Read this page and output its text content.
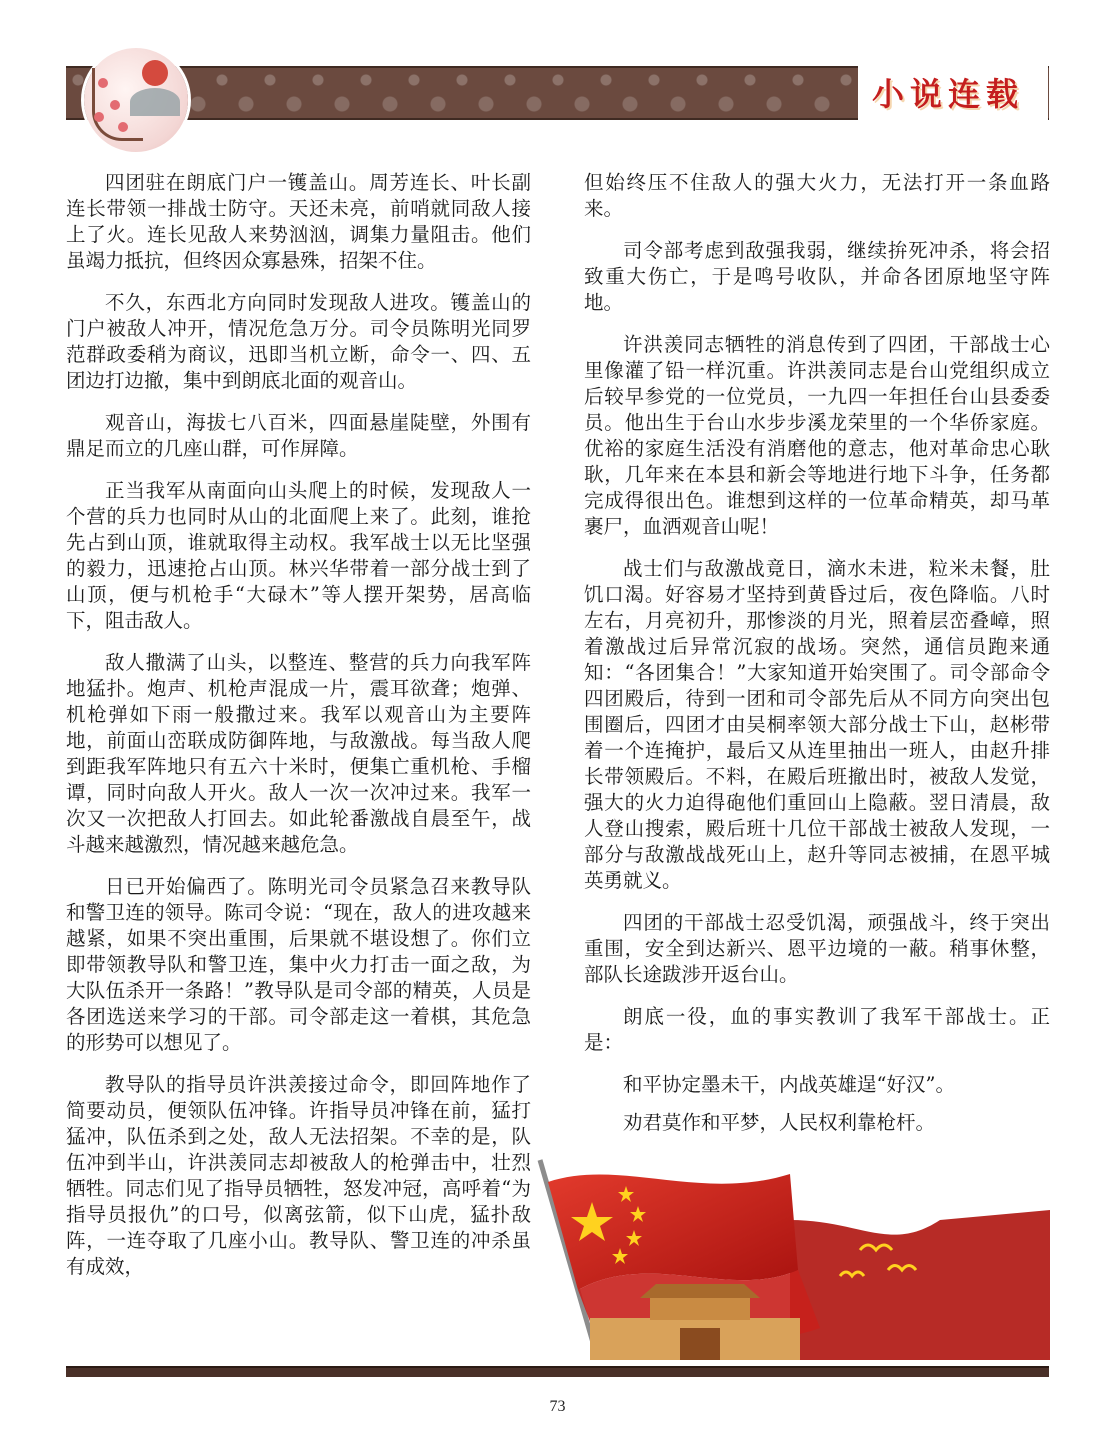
小说连载

四团驻在朗底门户一镬盖山。周芳连长、叶长副连长带领一排战士防守。天还未亮，前哨就同敌人接上了火。连长见敌人来势汹汹，调集力量阻击。他们虽竭力抵抗，但终因众寡悬殊，招架不住。

不久，东西北方向同时发现敌人进攻。镬盖山的门户被敌人冲开，情况危急万分。司令员陈明光同罗范群政委稍为商议，迅即当机立断，命令一、四、五团边打边撤，集中到朗底北面的观音山。

观音山，海拔七八百米，四面悬崖陡壁，外围有鼎足而立的几座山群，可作屏障。

正当我军从南面向山头爬上的时候，发现敌人一个营的兵力也同时从山的北面爬上来了。此刻，谁抢先占到山顶，谁就取得主动权。我军战士以无比坚强的毅力，迅速抢占山顶。林兴华带着一部分战士到了山顶，便与机枪手“大碌木”等人摆开架势，居高临下，阻击敌人。

敌人撒满了山头，以整连、整营的兵力向我军阵地猛扑。炮声、机枪声混成一片，震耳欲聋；炮弹、机枪弹如下雨一般撒过来。我军以观音山为主要阵地，前面山峦联成防御阵地，与敌激战。每当敌人爬到距我军阵地只有五六十米时，便集亡重机枪、手榴谭，同时向敌人开火。敌人一次一次冲过来。我军一次又一次把敌人打回去。如此轮番激战自晨至午，战斗越来越激烈，情况越来越危急。

日已开始偏西了。陈明光司令员紧急召来教导队和警卫连的领导。陈司令说：“现在，敌人的进攻越来越紧，如果不突出重围，后果就不堪设想了。你们立即带领教导队和警卫连，集中火力打击一面之敌，为大队伍杀开一条路！”教导队是司令部的精英，人员是各团选送来学习的干部。司令部走这一着棋，其危急的形势可以想见了。

教导队的指导员许洪羡接过命令，即回阵地作了简要动员，便领队伍冲锋。许指导员冲锋在前，猛打猛冲，队伍杀到之处，敌人无法招架。不幸的是，队伍冲到半山，许洪羡同志却被敌人的枪弹击中，壮烈牺牲。同志们见了指导员牺牲，怒发冲冠，高呼着“为指导员报仇”的口号，似离弦箭，似下山虎，猛扑敌阵，一连夺取了几座小山。教导队、警卫连的冲杀虽有成效，

但始终压不住敌人的强大火力，无法打开一条血路来。

司令部考虑到敌强我弱，继续拚死冲杀，将会招致重大伤亡，于是鸣号收队，并命各团原地坚守阵地。

许洪羡同志牺牲的消息传到了四团，干部战士心里像灌了铅一样沉重。许洪羡同志是台山党组织成立后较早参党的一位党员，一九四一年担任台山县委委员。他出生于台山水步步溪龙荣里的一个华侨家庭。优裕的家庭生活没有消磨他的意志，他对革命忠心耿耿，几年来在本县和新会等地进行地下斗争，任务都完成得很出色。谁想到这样的一位革命精英，却马革裹尸，血洒观音山呢！

战士们与敌激战竟日，滴水未进，粒米未餐，肚饥口渴。好容易才坚持到黄昏过后，夜色降临。八时左右，月亮初升，那惨淡的月光，照着层峦叠嶂，照着激战过后异常沉寂的战场。突然，通信员跑来通知：“各团集合！”大家知道开始突围了。司令部命令四团殿后，待到一团和司令部先后从不同方向突出包围圈后，四团才由吴桐率领大部分战士下山，赵彬带着一个连掩护，最后又从连里抽出一班人，由赵升排长带领殿后。不料，在殿后班撤出时，被敌人发觉，强大的火力迫得砲他们重回山上隐蔽。翌日清晨，敌人登山搜索，殿后班十几位干部战士被敌人发现，一部分与敌激战战死山上，赵升等同志被捕，在恩平城英勇就义。

四团的干部战士忍受饥渴，顽强战斗，终于突出重围，安全到达新兴、恩平边境的一蔽。稍事休整，部队长途跋涉开返台山。

朗底一役，血的事实教训了我军干部战士。正是：

和平协定墨未干，内战英雄逞“好汉”。

劝君莫作和平梦，人民权利靠枪杆。

73
